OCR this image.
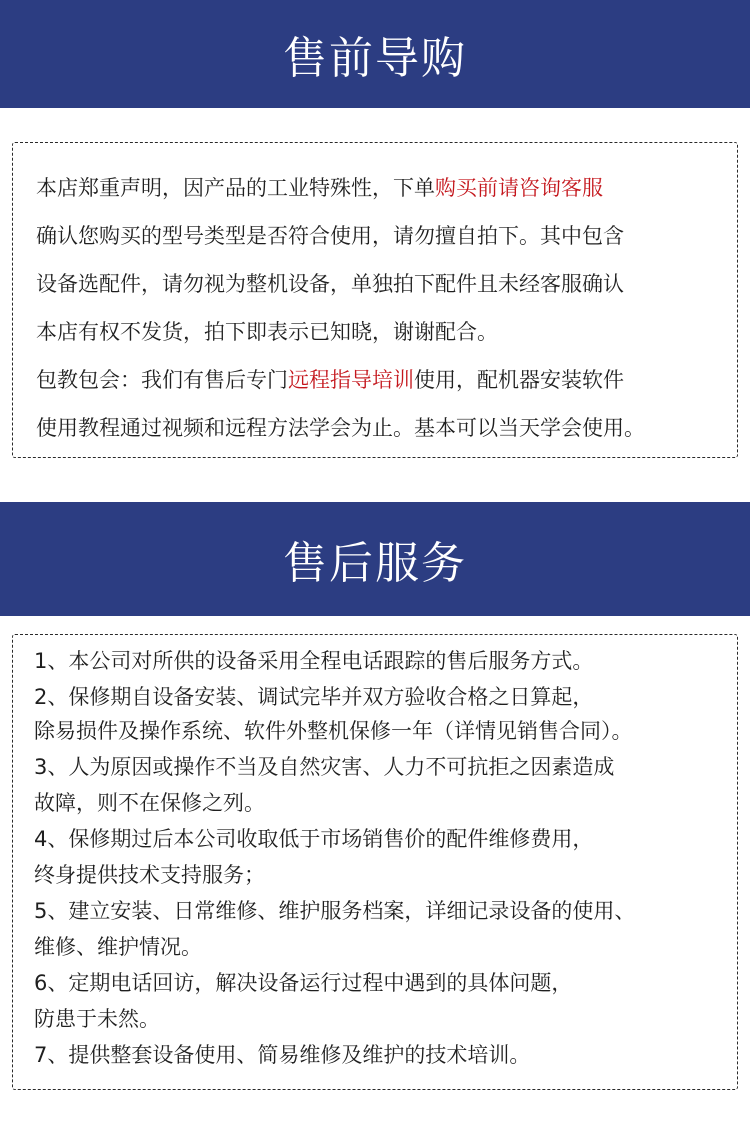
售前导购
本店郑重声明，因产品的工业特殊性，下单购买前请咨询客服
确认您购买的型号类型是否符合使用，请勿擅自拍下。其中包含
设备选配件，请勿视为整机设备，单独拍下配件且未经客服确认
本店有权不发货，拍下即表示已知晓，谢谢配合。
包教包会：我们有售后专门远程指导培训使用，配机器安装软件
使用教程通过视频和远程方法学会为止。基本可以当天学会使用。
售后服务
1、本公司对所供的设备采用全程电话跟踪的售后服务方式。
2、保修期自设备安装、调试完毕并双方验收合格之日算起，
除易损件及操作系统、软件外整机保修一年（详情见销售合同）。
3、人为原因或操作不当及自然灾害、人力不可抗拒之因素造成
故障，则不在保修之列。
4、保修期过后本公司收取低于市场销售价的配件维修费用，
终身提供技术支持服务；
5、建立安装、日常维修、维护服务档案，详细记录设备的使用、
维修、维护情况。
6、定期电话回访，解决设备运行过程中遇到的具体问题，
防患于未然。
7、提供整套设备使用、简易维修及维护的技术培训。
